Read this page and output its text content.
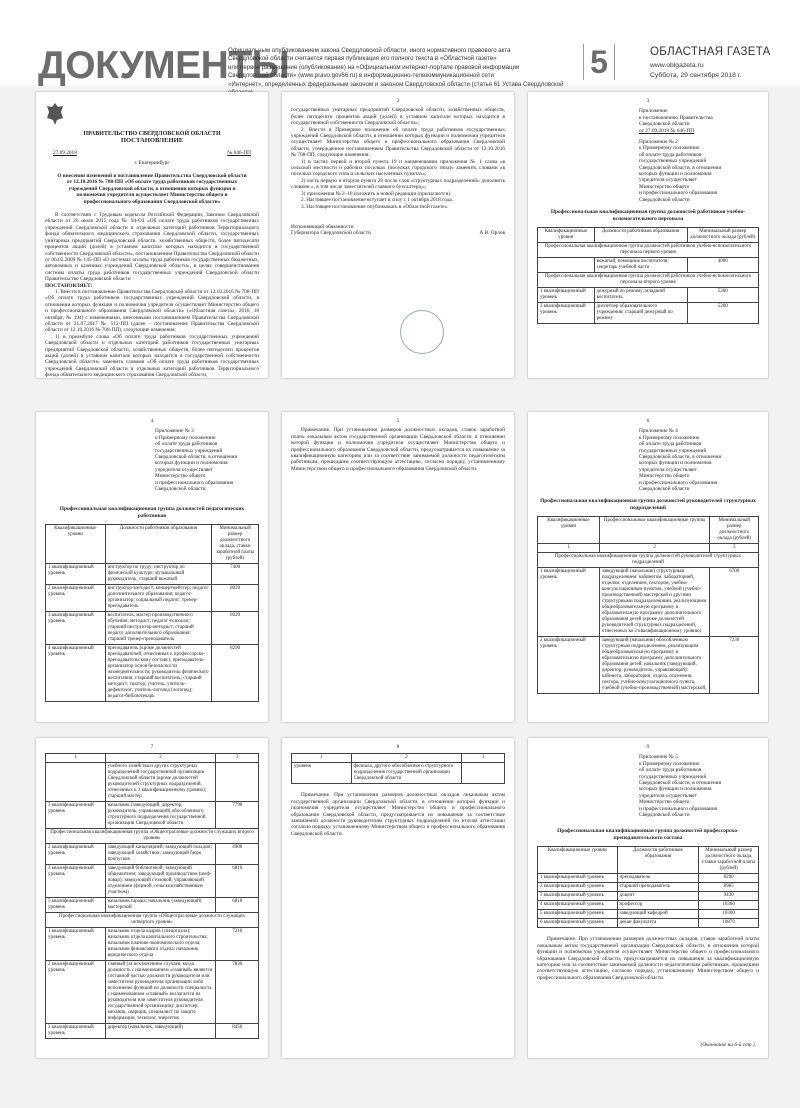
ДОКУМЕНТЫ
Официальным опубликованием закона Свердловской области, иного нормативного правового акта
Свердловской области считается первая публикация его полного текста в «Областной газете»
или первое размещение (опубликование) на «Официальном интернет-портале правовой информации
Свердловской области» (www.pravo.gov66.ru) в информационно-телекоммуникационной сети
«Интернет», определенных федеральным законом и законом Свердловской области (статья 61 Устава Свердловской
5	ОБЛАСТНАЯ ГАЗЕТА
www.oblgazeta.ru
Суббота, 29 сентября 2018 г.
ПРАВИТЕЛЬСТВО СВЕРДЛОВСКОЙ ОБЛАСТИ
ПОСТАНОВЛЕНИЕ
27.09.2018	№ 646-ПП
г. Екатеринбург
О внесении изменений в постановление Правительства Свердловской области от 12.10.2016 № 708-ПП «Об оплате труда работников государственных учреждений Свердловской области, в отношении которых функции и полномочия учредителя осуществляет Министерство общего и профессионального образования Свердловской области»
В соответствии с Трудовым кодексом Российской Федерации, Законом Свердловской области от 20 июля 2015 года № 94-ОЗ «Об оплате труда работников государственных учреждений Свердловской области и отдельных категорий работников Территориального фонда обязательного медицинского страхования Свердловской области, государственных унитарных предприятий Свердловской области, хозяйственных обществ, более пятидесяти процентов акций (долей) в уставном капитале которых находится в государственной собственности Свердловской области», постановлением Правительства Свердловской области от 06.02.2009 № 145-ПП «О системах оплаты труда работников государственных бюджетных, автономных и казенных учреждений Свердловской области», в целях совершенствования системы оплаты труда работников государственных учреждений Свердловской области Правительство Свердловской области
ПОСТАНОВЛЯЕТ:
1. Внести в постановление Правительства Свердловской области от 12.10.2016 № 708-ПП «Об оплате труда работников государственных учреждений Свердловской области, в отношении которых функции и полномочия учредителя осуществляет Министерство общего и профессионального образования Свердловской области» («Областная газета», 2016, 18 октября, № 194) с изменениями, внесенными постановлением Правительства Свердловской области от 21.07.2017 № 512-ПП (далее – постановление Правительства Свердловской области от 12.10.2016 № 708-ПП), следующие изменения:
1) в преамбуле слова «Об оплате труда работников государственных учреждений Свердловской области и отдельных категорий работников государственных унитарных предприятий Свердловской области, хозяйственных обществ, более пятидесяти процентов акций (долей) в уставном капитале которых находится в государственной собственности Свердловской области» заменить словами «Об оплате труда работников государственных учреждений Свердловской области и отдельных категорий работников Территориального фонда обязательного медицинского страхования Свердловской области,
2
государственных унитарных предприятий Свердловской области, хозяйственных обществ, более пятидесяти процентов акций (долей) в уставном капитале которых находится в государственной собственности Свердловской области»;
2. Внести в Примерное положение об оплате труда работников государственных учреждений Свердловской области, в отношении которых функции и полномочия учредителя осуществляет Министерство общего и профессионального образования Свердловской области, утвержденное постановлением Правительства Свердловской области от 12.10.2016 № 708-ПП, следующие изменения:
1) в частях первой и второй пункта 19 и наименовании приложения № 1 слова «в сельской местности и рабочих поселках (поселках городского типа)» заменить словами «в поселках городского типа и сельских населенных пунктах»;
2) часть первую и вторую пункта 28 после слов «структурных подразделений» дополнить словами «, в том числе заместителей главного бухгалтера,»;
3) приложения № 2–10 изложить в новой редакции (прилагаются).
2. Настоящее постановление вступает в силу с 1 октября 2018 года.
3. Настоящее постановление опубликовать в «Областной газете».
Исполняющий обязанности Губернатора Свердловской области	А.В. Орлов
3
Приложение
к постановлению Правительства
Свердловской области
от 27.09.2018 № 646-ПП
Приложение № 2
к Примерному положению
об оплате труда работников
государственных учреждений
Свердловской области, в отношении
которых функции и полномочия
учредителя осуществляет
Министерство общего
и профессионального образования
Свердловской области
Профессиональная квалификационная группа должностей работников учебно-вспомогательного персонала
Квалификационные уровни	Должности работников образования	Минимальный размер должностного оклада (рублей)
Профессиональная квалификационная группа должностей работников учебно-вспомогательного персонала первого уровня		
	вожатый; помощник воспитателя; секретарь учебной части	4000
Профессиональная квалификационная группа должностей работников учебно-вспомогательного персонала второго уровня		
1 квалификационный уровень	дежурный по режиму; младший воспитатель	5200
2 квалификационный уровень	диспетчер образовательного учреждения; старший дежурный по режиму	5200
4
Приложение № 3
к Примерному положению
об оплате труда работников
государственных учреждений
Свердловской области, в отношении
которых функции и полномочия
учредителя осуществляет
Министерство общего
и профессионального образования
Свердловской области
Профессиональная квалификационная группа должностей педагогических работников
Квалификационные уровни	Должности работников образования	Минимальный размер должностного оклада, ставки заработной платы (рублей)
1 квалификационный уровень	инструктор по труду; инструктор по физической культуре; музыкальный руководитель; старший вожатый	7400
2 квалификационный уровень	инструктор-методист; концертмейстер; педагог дополнительного образования; педагог-организатор; социальный педагог; тренер-преподаватель	8020
3 квалификационный уровень	воспитатель; мастер производственного обучения; методист; педагог-психолог; старший инструктор-методист; старший педагог дополнительного образования; старший тренер-преподаватель	8020
4 квалификационный уровень	преподаватель (кроме должностей преподавателей, отнесенных к профессорско-преподавательскому составу); преподаватель-организатор основ безопасности жизнедеятельности; руководитель физического воспитания; старший воспитатель; старший методист; тьютор; учитель; учитель-дефектолог; учитель-логопед (логопед); педагог-библиотекарь	8290
5
Примечание. При установлении размеров должностных окладов, ставок заработной платы локальным актом государственной организации Свердловской области, в отношении которой функции и полномочия учредителя осуществляет Министерство общего и профессионального образования Свердловской области, предусматривается их повышение за квалификационную категорию или за соответствие занимаемой должности педагогическим работникам, прошедшим соответствующую аттестацию, согласно порядку, установленному Министерством общего и профессионального образования Свердловской области.
6
Приложение № 4
к Примерному положению
об оплате труда работников
государственных учреждений
Свердловской области, в отношении
которых функции и полномочия
учредителя осуществляет
Министерство общего
и профессионального образования
Свердловской области
Профессиональная квалификационная группа должностей руководителей структурных подразделений
Квалификационные уровни	Профессиональные квалификационные группы	Минимальный размер должностного оклада (рублей)
1	2	3
Профессиональная квалификационная группа должностей руководителей структурных подразделений		
1 квалификационный уровень	заведующий (начальник) структурным подразделением: кабинетом, лабораторией, отделом, отделением, сектором, учебно-консультационным пунктом, учебной (учебно-производственной) мастерской и другими структурными подразделениями, реализующими общеобразовательную программу и образовательную программу дополнительного образования детей (кроме должностей руководителей структурных подразделений, отнесенных ко 2 квалификационному уровню)	6700
2 квалификационный уровень	заведующий (начальник) обособленным структурным подразделением, реализующим общеобразовательную программу и образовательную программу дополнительного образования детей; начальник (заведующий, директор, руководитель, управляющий): кабинета, лаборатории, отдела, отделения, сектора, учебно-консультационного пункта, учебной (учебно-производственной) мастерской,	7230
7
1	2	3
	учебного хозяйства и других структурных подразделений государственной организации Свердловской области (кроме должностей руководителей структурных подразделений, отнесенных к 3 квалификационному уровню); старший мастер	
3 квалификационный уровень	начальник (заведующий, директор, руководитель, управляющий) обособленного структурного подразделения государственной организации Свердловской области	7790
Профессиональная квалификационная группа «Общеотраслевые должности служащих второго уровня»		
2 квалификационный уровень	заведующий канцелярией; заведующий складом; заведующий хозяйством; заведующий бюро пропусков	4900
3 квалификационный уровень	заведующий библиотекой; заведующий общежитием; заведующий производством (шеф-повар); заведующий столовой; управляющий отделением (фермой, сельскохозяйственным участком)	6810
5 квалификационный уровень	начальник гаража; начальник (заведующий) мастерской	6810
Профессиональная квалификационная группа «Общеотраслевые должности служащих четвертого уровня»		
1 квалификационный уровень	начальник отдела кадров (спецотдела); начальник отдела капитального строительства; начальник планово-экономического отдела; начальник финансового отдела; начальник юридического отдела	7210
2 квалификационный уровень	главный (за исключением случаев, когда должность с наименованием «главный» является составной частью должности руководителя или заместителя руководителя организации либо исполнение функций по должности специалиста с наименованием «главный» возлагается на руководителя или заместителя руководителя государственной организации): диспетчер, механик, сварщик, специалист по защите информации, технолог, энергетик	7830
3 квалификационный уровень	директор (начальник, заведующий)	8450
8
1	2	3
уровень	филиала, другого обособленного структурного подразделения государственной организации Свердловской области	
Примечание. При установлении размеров должностных окладов локальным актом государственной организации Свердловской области, в отношении которой функции и полномочия учредителя осуществляет Министерство общего и профессионального образования Свердловской области, предусматривается их повышение за соответствие занимаемой должности руководителям структурных подразделений по итогам аттестации согласно порядку, установленному Министерством общего и профессионального образования Свердловской области.
9
Приложение № 5
к Примерному положению
об оплате труда работников
государственных учреждений
Свердловской области, в отношении
которых функции и полномочия
учредителя осуществляет
Министерство общего
и профессионального образования
Свердловской области
Профессиональная квалификационная группа должностей профессорско-преподавательского состава
Квалификационные уровни	Должности работников образования	Минимальный размер должностного оклада, ставки заработной платы (рублей)
1 квалификационный уровень	преподаватель	8290
2 квалификационный уровень	старший преподаватель	8985
3 квалификационный уровень	доцент	9430
4 квалификационный уровень	профессор	10360
5 квалификационный уровень	заведующий кафедрой	10360
6 квалификационный уровень	декан факультета	10870
Примечание. При установлении размеров должностных окладов, ставок заработной платы локальным актом государственной организации Свердловской области, в отношении которой функции и полномочия учредителя осуществляет Министерство общего и профессионального образования Свердловской области, предусматривается их повышение за квалификационную категорию или за соответствие занимаемой должности педагогическим работникам, прошедшим соответствующую аттестацию, согласно порядку, установленному Министерством общего и профессионального образования Свердловской области.
(Окончание на 6-й стр.).
